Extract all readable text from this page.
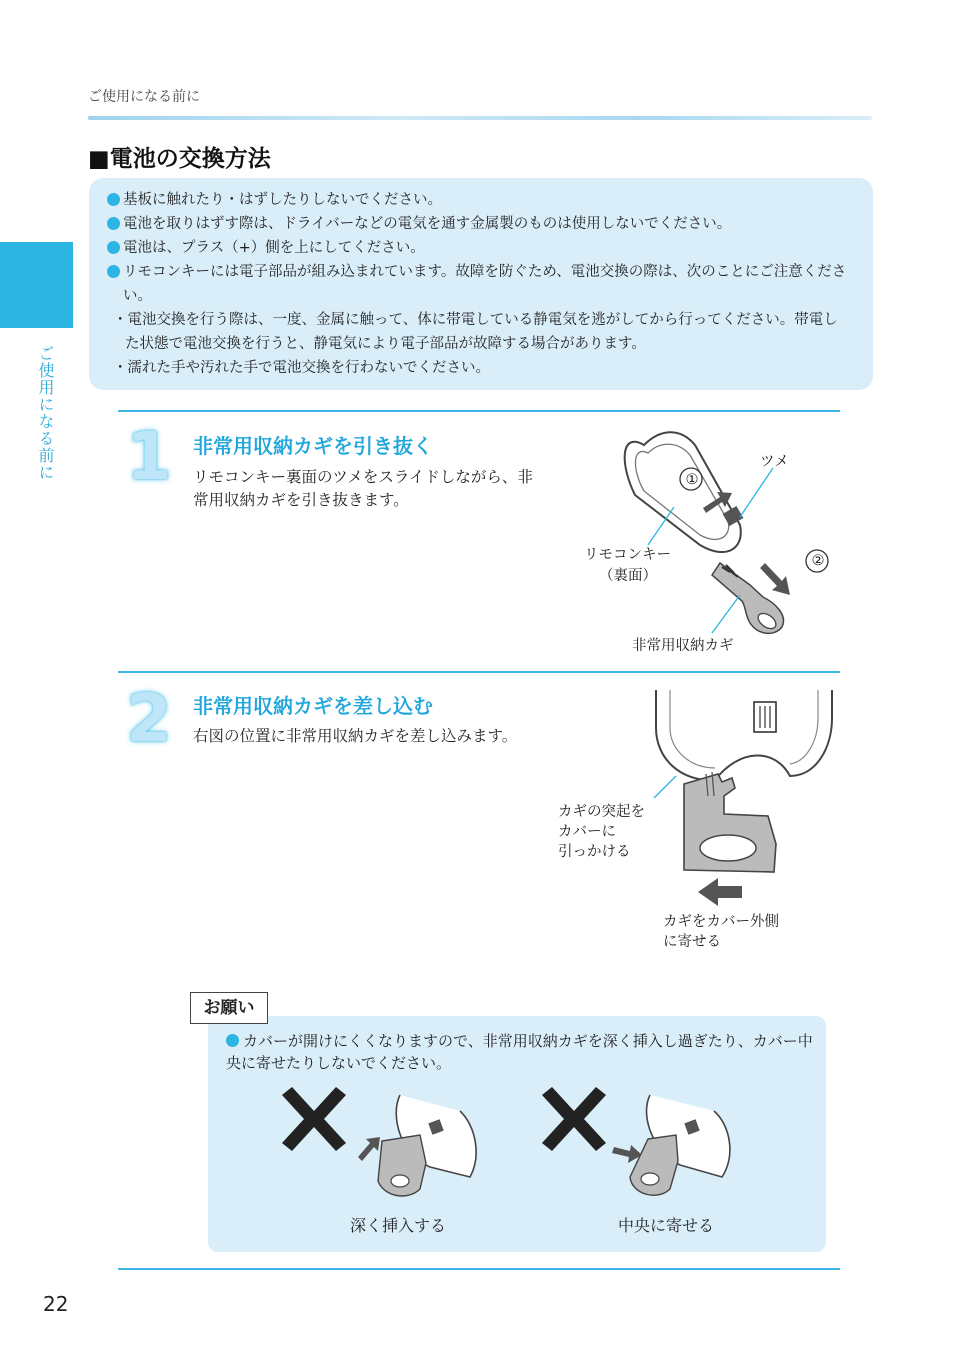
ご使用になる前に
ご使用になる前に
■電池の交換方法
基板に触れたり・はずしたりしないでください。
電池を取りはずす際は、ドライバーなどの電気を通す金属製のものは使用しないでください。
電池は、プラス（+）側を上にしてください。
リモコンキーには電子部品が組み込まれています。故障を防ぐため、電池交換の際は、次のことにご注意ください。
・電池交換を行う際は、一度、金属に触って、体に帯電している静電気を逃がしてから行ってください。帯電した状態で電池交換を行うと、静電気により電子部品が故障する場合があります。
・濡れた手や汚れた手で電池交換を行わないでください。
1 非常用収納カギを引き抜く
リモコンキー裏面のツメをスライドしながら、非常用収納カギを引き抜きます。
①
②
ツメ
リモコンキー
（裏面）
非常用収納カギ
2 非常用収納カギを差し込む
右図の位置に非常用収納カギを差し込みます。
カギの突起を
カバーに
引っかける
カギをカバー外側
に寄せる
お願い
カバーが開けにくくなりますので、非常用収納カギを深く挿入し過ぎたり、カバー中央に寄せたりしないでください。
深く挿入する	中央に寄せる
22
